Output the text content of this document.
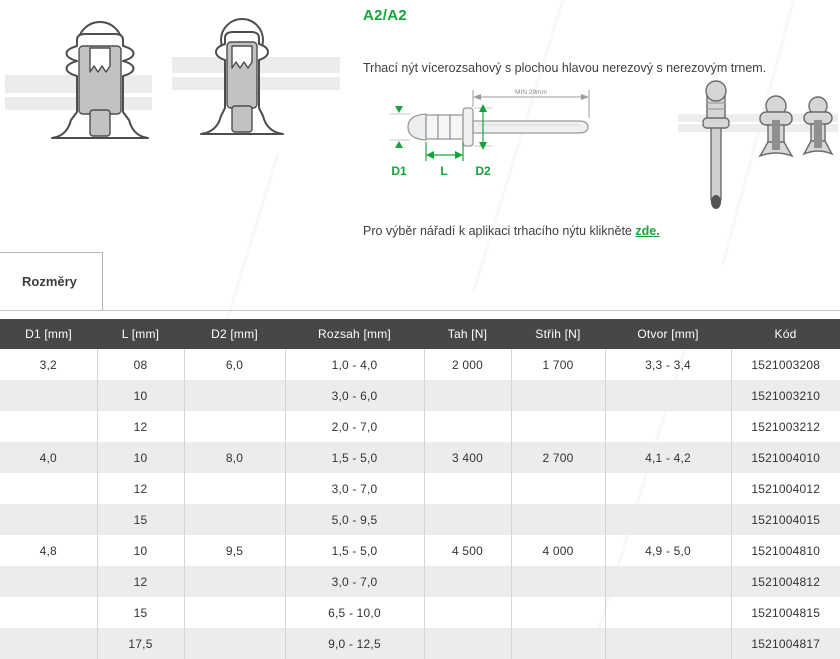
A2/A2
Trhací nýt vícerozsahový s plochou hlavou nerezový s nerezovým trnem.
MIN 29mm
D1	L D2
Pro výběr nářadí k aplikaci trhacího nýtu klikněte zde.
Rozměry
D1 [mm]	L [mm]	D2 [mm]	Rozsah [mm]	Tah [N]	Střih [N]	Otvor [mm]	Kód
3,2	08	6,0	1,0 - 4,0	2 000	1 700	3,3 - 3,4	1521003208
	10		3,0 - 6,0				1521003210
	12		2,0 - 7,0				1521003212
4,0	10	8,0	1,5 - 5,0	3 400	2 700	4,1 - 4,2	1521004010
	12		3,0 - 7,0				1521004012
	15		5,0 - 9,5				1521004015
4,8	10	9,5	1,5 - 5,0	4 500	4 000	4,9 - 5,0	1521004810
	12		3,0 - 7,0				1521004812
	15		6,5 - 10,0				1521004815
	17,5		9,0 - 12,5				1521004817
